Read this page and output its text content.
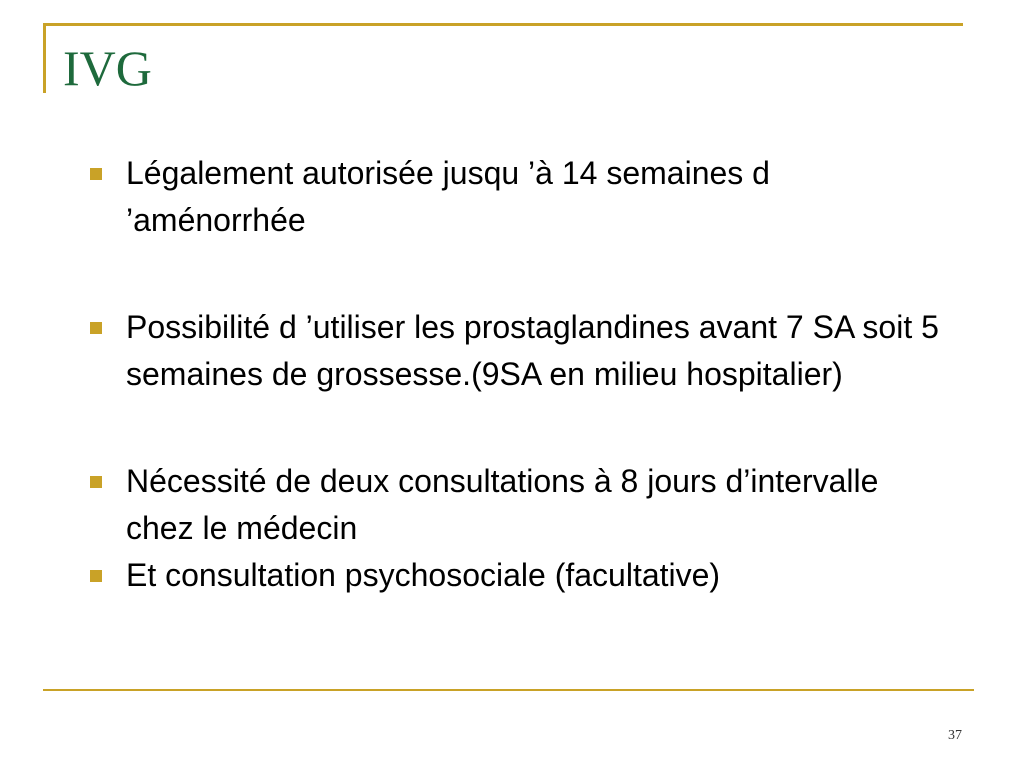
IVG
Légalement autorisée jusqu ’à 14 semaines d ’aménorrhée
Possibilité d ’utiliser les prostaglandines avant 7 SA soit 5 semaines de grossesse.(9SA en milieu hospitalier)
Nécessité de deux consultations à 8 jours d’intervalle chez le médecin
Et consultation psychosociale (facultative)
37
